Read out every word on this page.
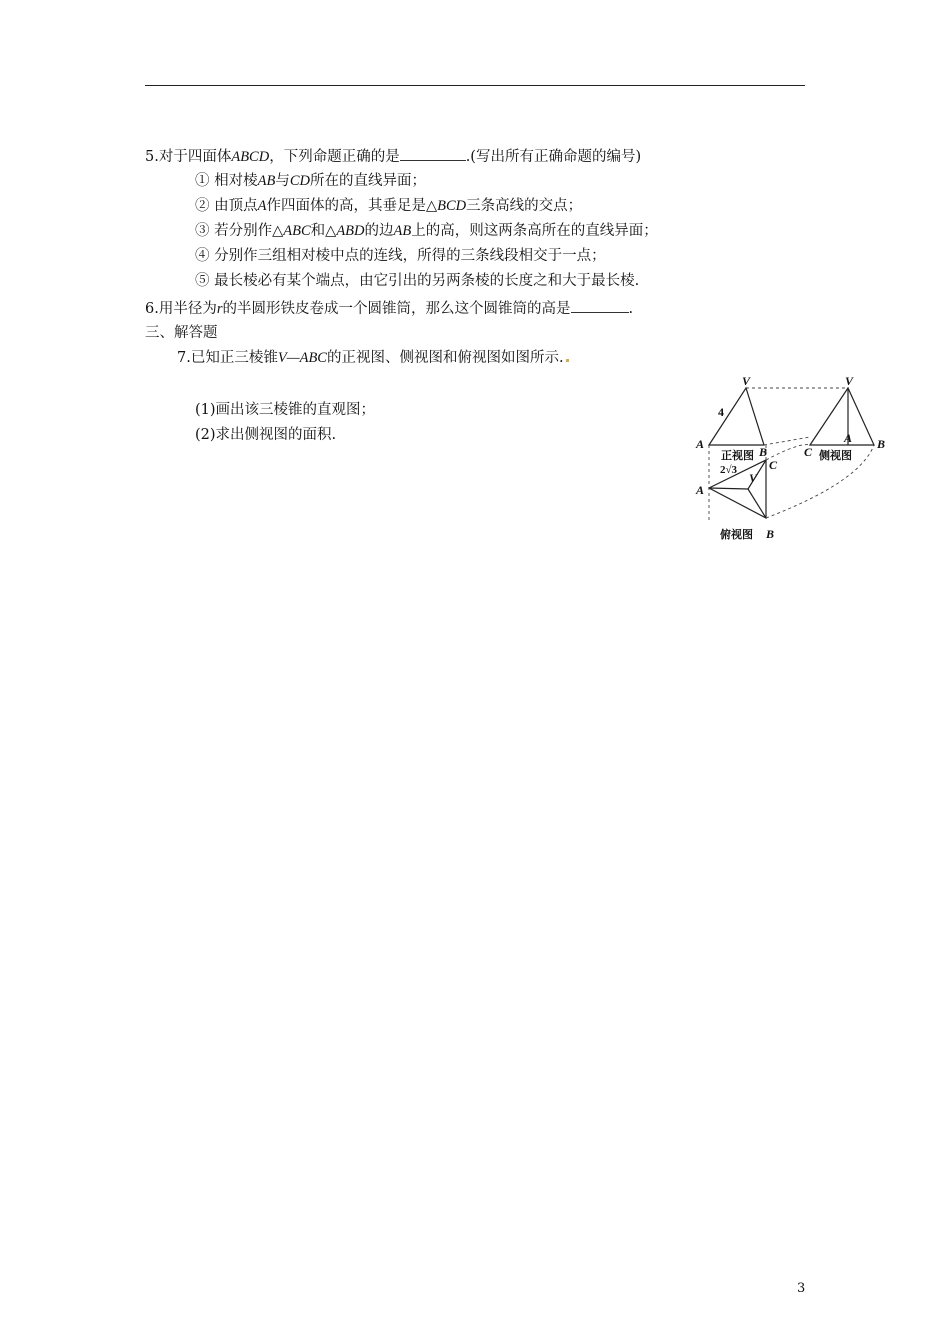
5.对于四面体ABCD，下列命题正确的是	.(写出所有正确命题的编号)
① 相对棱AB与CD所在的直线异面；
② 由顶点A作四面体的高，其垂足是△BCD三条高线的交点；
③ 若分别作△ABC和△ABD的边AB上的高，则这两条高所在的直线异面；
④ 分别作三组相对棱中点的连线，所得的三条线段相交于一点；
⑤ 最长棱必有某个端点，由它引出的另两条棱的长度之和大于最长棱.
6.用半径为r的半圆形铁皮卷成一个圆锥筒，那么这个圆锥筒的高是	.
三、解答题
7.已知正三棱锥V—ABC的正视图、侧视图和俯视图如图所示.
(1)画出该三棱锥的直观图；
(2)求出侧视图的面积.
V	V
4
A
B	C
A B
C
A
V
B
2√3
正视图	侧视图
俯视图
3
